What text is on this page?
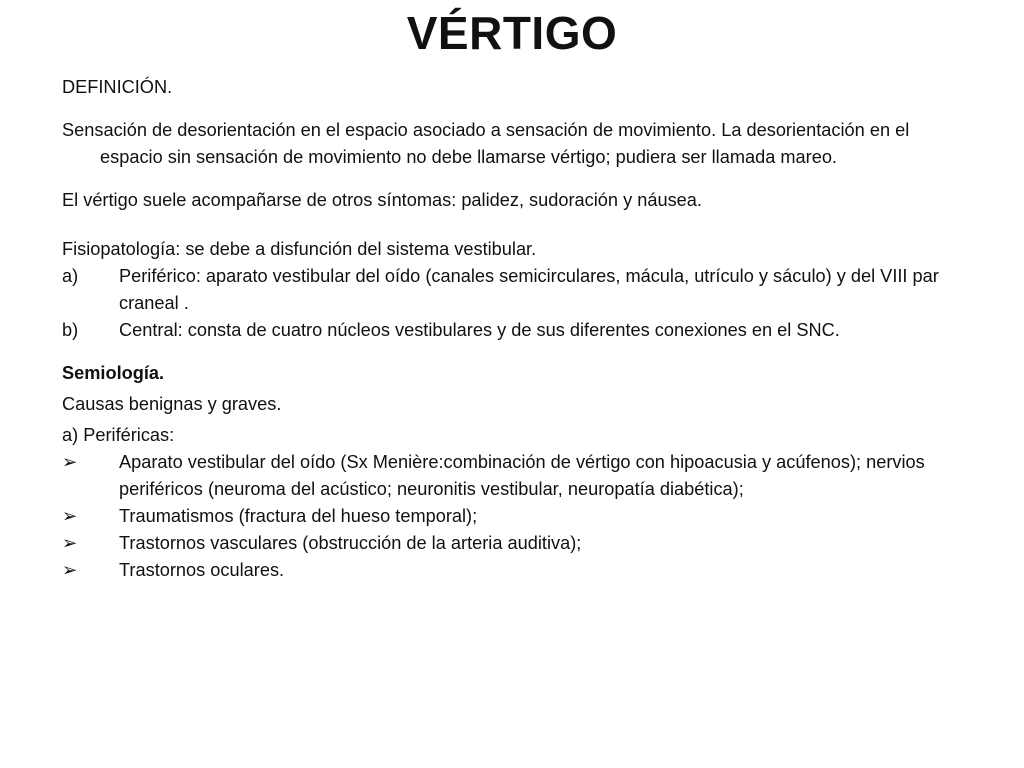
VÉRTIGO

DEFINICIÓN.

Sensación de desorientación en el espacio asociado a sensación de movimiento. La desorientación en el espacio sin sensación de movimiento no debe llamarse vértigo; pudiera ser llamada mareo.

El vértigo suele acompañarse de otros síntomas: palidez, sudoración y náusea.

Fisiopatología: se debe a disfunción del sistema vestibular.

a) Periférico: aparato vestibular del oído (canales semicirculares, mácula, utrículo y sáculo) y del VIII par craneal .
b) Central: consta de cuatro núcleos vestibulares y de sus diferentes conexiones en el SNC.

Semiología.

Causas benignas y graves.

a) Periféricas:

➢ Aparato vestibular del oído (Sx Menière:combinación de vértigo con hipoacusia y acúfenos); nervios periféricos (neuroma del acústico; neuronitis vestibular, neuropatía diabética);
➢ Traumatismos (fractura del hueso temporal);
➢ Trastornos vasculares (obstrucción de la arteria auditiva);
➢ Trastornos oculares.
